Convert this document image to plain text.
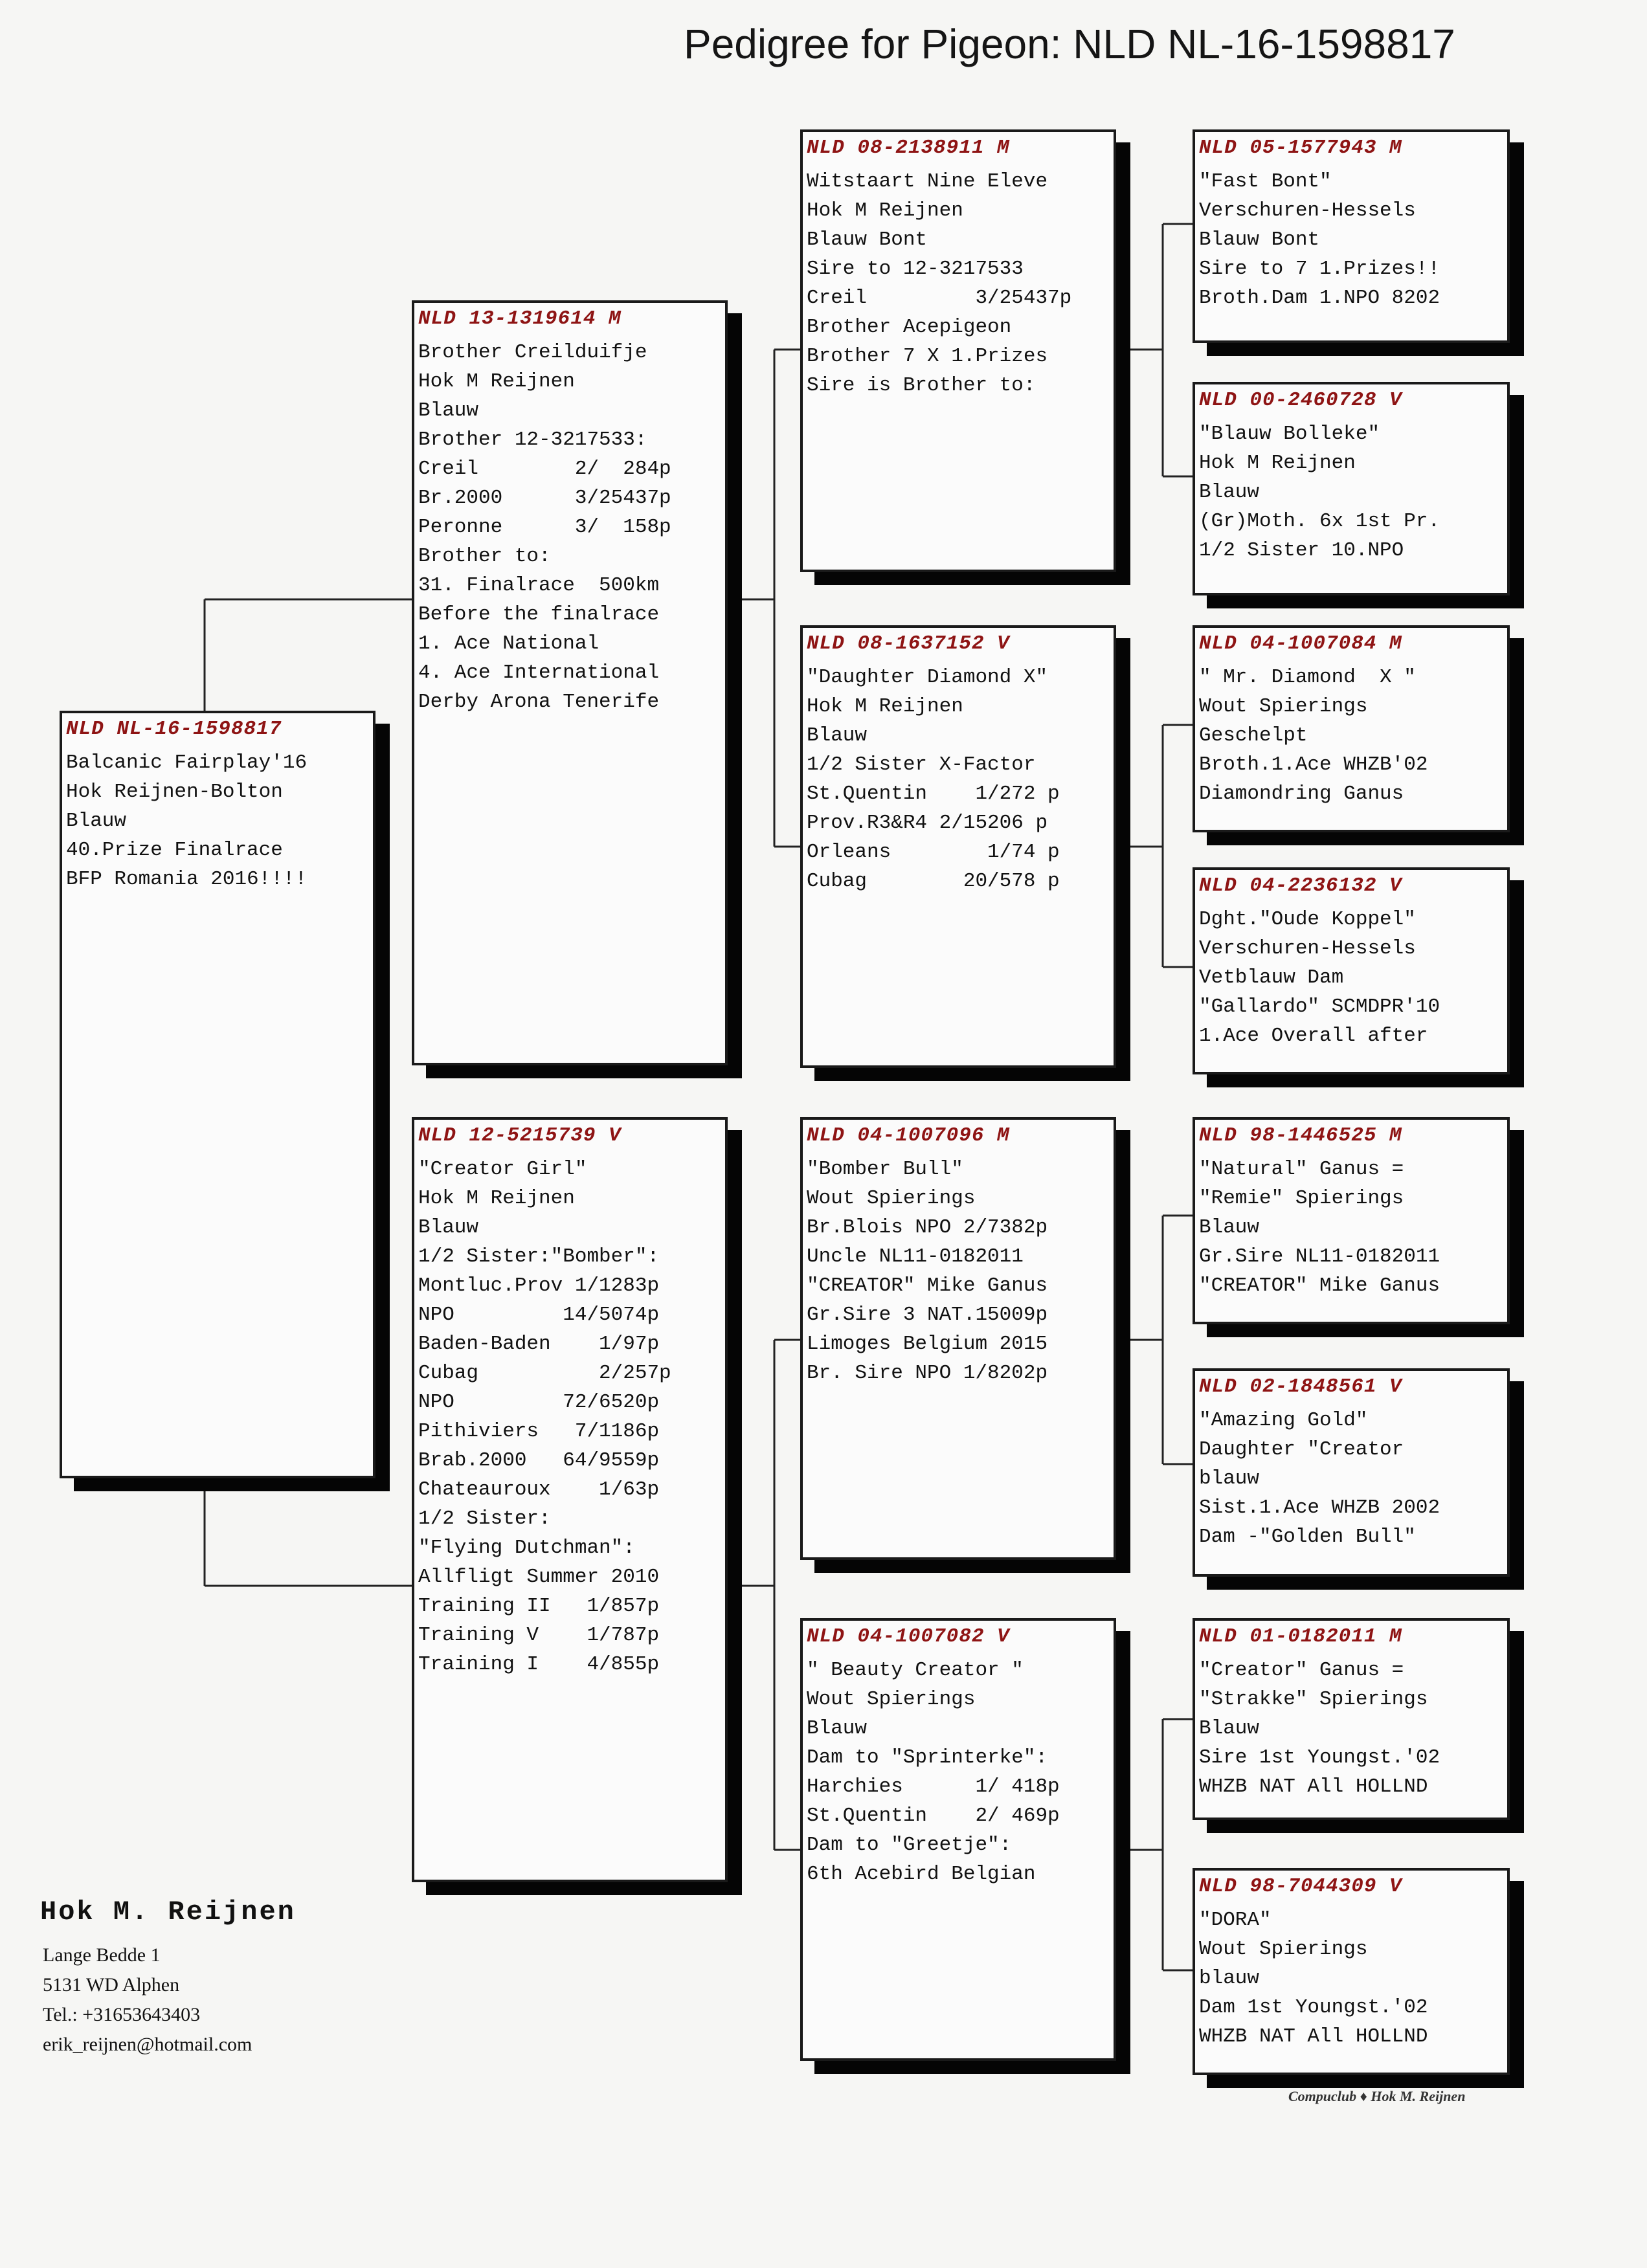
Pedigree for Pigeon: NLD NL-16-1598817
NLD NL-16-1598817
Balcanic Fairplay'16
Hok Reijnen-Bolton
Blauw
40.Prize Finalrace
BFP Romania 2016!!!!
NLD 13-1319614 M
Brother Creilduifje
Hok M Reijnen
Blauw
Brother 12-3217533:
Creil        2/  284p
Br.2000      3/25437p
Peronne      3/  158p
Brother to:
31. Finalrace  500km
Before the finalrace
1. Ace National
4. Ace International
Derby Arona Tenerife
NLD 12-5215739 V
"Creator Girl"
Hok M Reijnen
Blauw
1/2 Sister:"Bomber":
Montluc.Prov 1/1283p
NPO         14/5074p
Baden-Baden    1/97p
Cubag          2/257p
NPO         72/6520p
Pithiviers   7/1186p
Brab.2000   64/9559p
Chateauroux    1/63p
1/2 Sister:
"Flying Dutchman":
Allfligt Summer 2010
Training II   1/857p
Training V    1/787p
Training I    4/855p
NLD 08-2138911 M
Witstaart Nine Eleve
Hok M Reijnen
Blauw Bont
Sire to 12-3217533
Creil         3/25437p
Brother Acepigeon
Brother 7 X 1.Prizes
Sire is Brother to:
NLD 08-1637152 V
"Daughter Diamond X"
Hok M Reijnen
Blauw
1/2 Sister X-Factor
St.Quentin    1/272 p
Prov.R3&R4 2/15206 p
Orleans        1/74 p
Cubag        20/578 p
NLD 04-1007096 M
"Bomber Bull"
Wout Spierings
Br.Blois NPO 2/7382p
Uncle NL11-0182011
"CREATOR" Mike Ganus
Gr.Sire 3 NAT.15009p
Limoges Belgium 2015
Br. Sire NPO 1/8202p
NLD 04-1007082 V
" Beauty Creator "
Wout Spierings
Blauw
Dam to "Sprinterke":
Harchies      1/ 418p
St.Quentin    2/ 469p
Dam to "Greetje":
6th Acebird Belgian
NLD 05-1577943 M
"Fast Bont"
Verschuren-Hessels
Blauw Bont
Sire to 7 1.Prizes!!
Broth.Dam 1.NPO 8202
NLD 00-2460728 V
"Blauw Bolleke"
Hok M Reijnen
Blauw
(Gr)Moth. 6x 1st Pr.
1/2 Sister 10.NPO
NLD 04-1007084 M
" Mr. Diamond  X "
Wout Spierings
Geschelpt
Broth.1.Ace WHZB'02
Diamondring Ganus
NLD 04-2236132 V
Dght."Oude Koppel"
Verschuren-Hessels
Vetblauw Dam
"Gallardo" SCMDPR'10
1.Ace Overall after
NLD 98-1446525 M
"Natural" Ganus =
"Remie" Spierings
Blauw
Gr.Sire NL11-0182011
"CREATOR" Mike Ganus
NLD 02-1848561 V
"Amazing Gold"
Daughter "Creator
blauw
Sist.1.Ace WHZB 2002
Dam -"Golden Bull"
NLD 01-0182011 M
"Creator" Ganus =
"Strakke" Spierings
Blauw
Sire 1st Youngst.'02
WHZB NAT All HOLLND
NLD 98-7044309 V
"DORA"
Wout Spierings
blauw
Dam 1st Youngst.'02
WHZB NAT All HOLLND
Hok M. Reijnen
Lange Bedde 1
5131 WD Alphen
Tel.: +31653643403
erik_reijnen@hotmail.com
Compuclub ♦ Hok M. Reijnen
